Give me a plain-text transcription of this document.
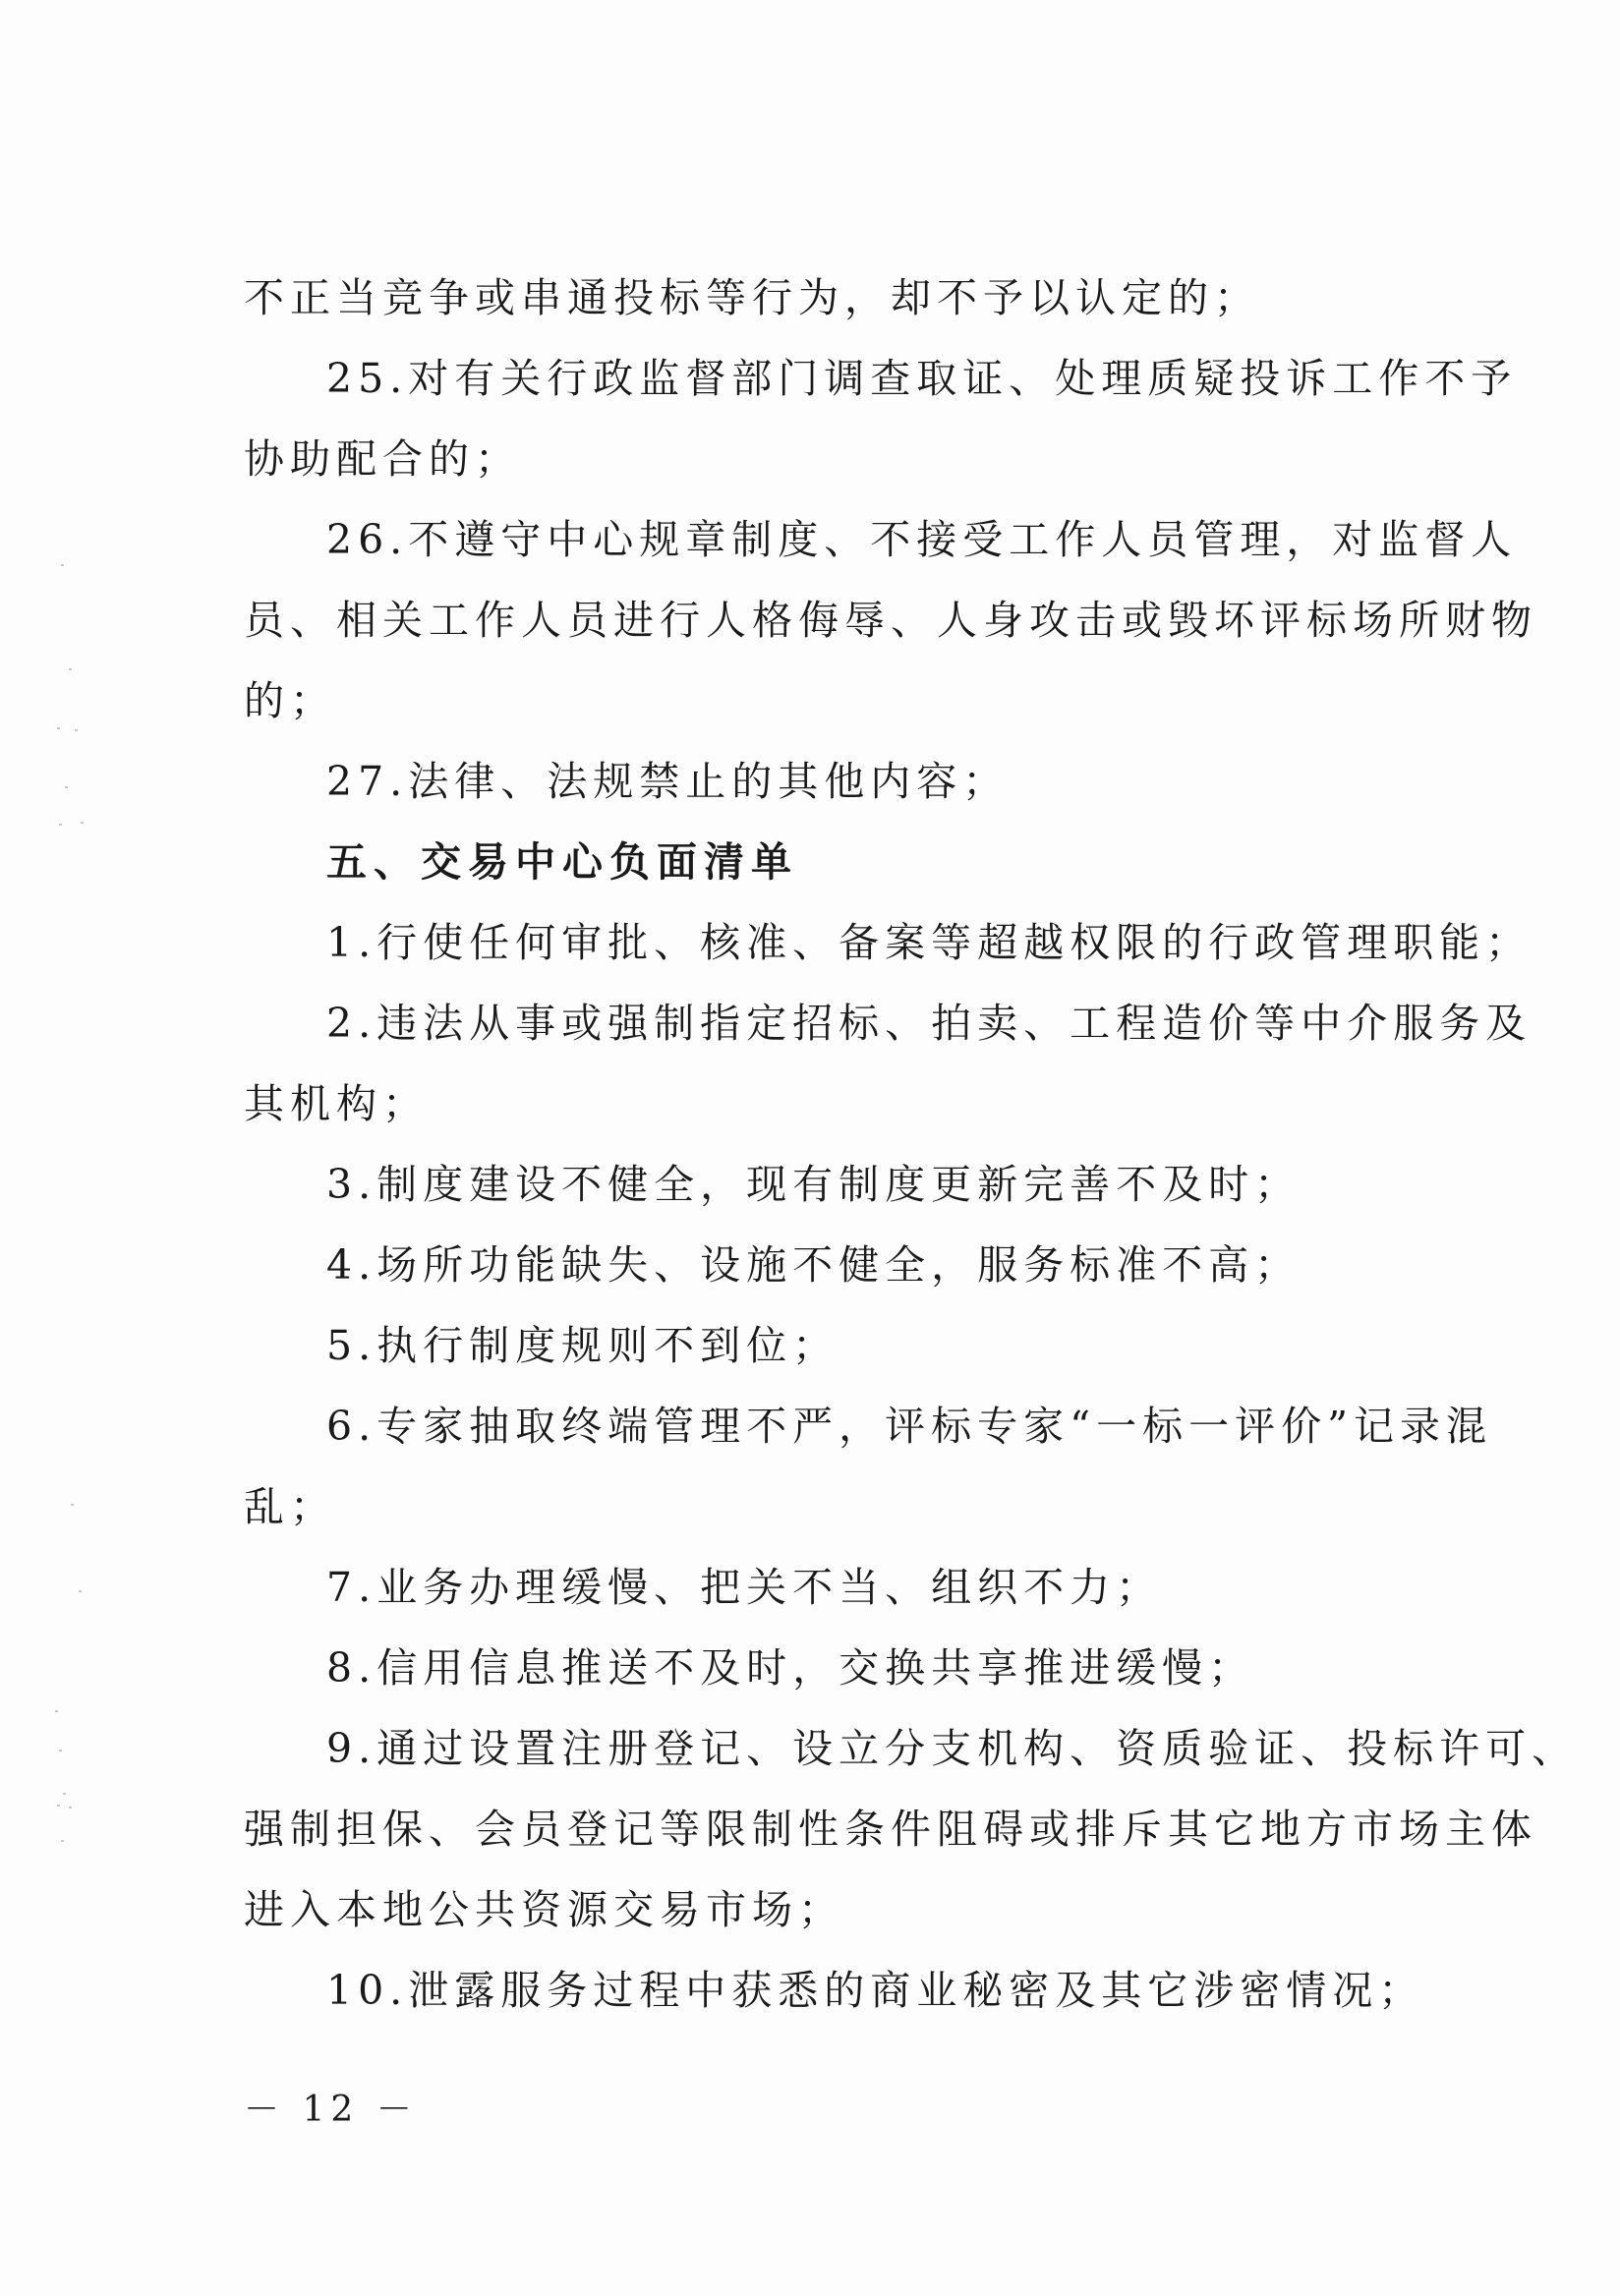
不正当竞争或串通投标等行为，却不予以认定的；
25.对有关行政监督部门调查取证、处理质疑投诉工作不予
协助配合的；
26.不遵守中心规章制度、不接受工作人员管理，对监督人
员、相关工作人员进行人格侮辱、人身攻击或毁坏评标场所财物
的；
27.法律、法规禁止的其他内容；
五、交易中心负面清单
1.行使任何审批、核准、备案等超越权限的行政管理职能；
2.违法从事或强制指定招标、拍卖、工程造价等中介服务及
其机构；
3.制度建设不健全，现有制度更新完善不及时；
4.场所功能缺失、设施不健全，服务标准不高；
5.执行制度规则不到位；
6.专家抽取终端管理不严，评标专家“一标一评价”记录混
乱；
7.业务办理缓慢、把关不当、组织不力；
8.信用信息推送不及时，交换共享推进缓慢；
9.通过设置注册登记、设立分支机构、资质验证、投标许可、
强制担保、会员登记等限制性条件阻碍或排斥其它地方市场主体
进入本地公共资源交易市场；
10.泄露服务过程中获悉的商业秘密及其它涉密情况；
－ 12 －
